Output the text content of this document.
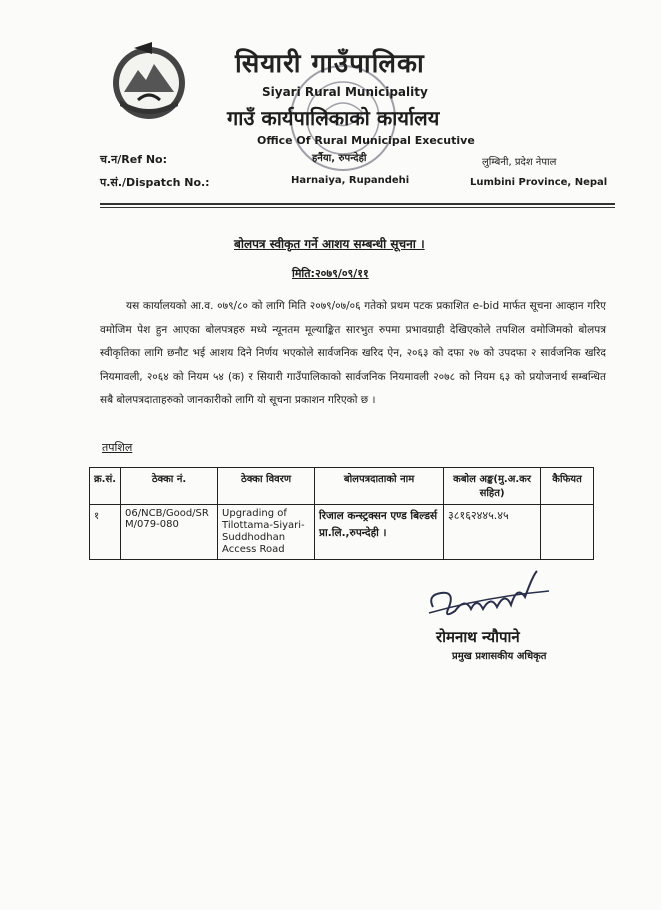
सियारी गाउँपालिका
Siyari Rural Municipality
गाउँ कार्यपालिकाको कार्यालय
Office Of Rural Municipal Executive
हर्नैया, रुपन्देही
च.न/Ref No:
प.सं./Dispatch No.:	Harnaiya, Rupandehi
लुम्बिनी, प्रदेश नेपाल
Lumbini Province, Nepal
बोलपत्र स्वीकृत गर्ने आशय सम्बन्धी सूचना ।
मिति:२०७९/०९/११
यस कार्यालयको आ.व. ०७९/८० को लागि मिति २०७९/०७/०६ गतेको प्रथम पटक प्रकाशित e-bid मार्फत सूचना आव्हान गरिए वमोजिम पेश हुन आएका बोलपत्रहरु मध्ये न्यूनतम मूल्याङ्कित सारभुत रुपमा प्रभावग्राही देखिएकोले तपशिल वमोजिमको बोलपत्र स्वीकृतिका लागि छनौट भई आशय दिने निर्णय भएकोले सार्वजनिक खरिद ऐन, २०६३ को दफा २७ को उपदफा २ सार्वजनिक खरिद नियमावली, २०६४ को नियम ५४ (क) र सियारी गाउँपालिकाको सार्वजनिक नियमावली २०७८ को नियम ६३ को प्रयोजनार्थ सम्बन्धित सबै बोलपत्रदाताहरुको जानकारीको लागि यो सूचना प्रकाशन गरिएको छ ।
तपशिल
क्र.सं.	ठेक्का नं.	ठेक्का विवरण	बोलपत्रदाताको नाम	कबोल अङ्क(मु.अ.कर सहित)	कैफियत
१	06/NCB/Good/SRM/079-080	Upgrading of Tilottama-Siyari-Suddhodhan Access Road	रिजाल कन्स्ट्रक्सन एण्ड बिल्डर्स प्रा.लि.,रुपन्देही ।	३८१६२४४५.४५	
रोमनाथ न्यौपाने
प्रमुख प्रशासकीय अधिकृत
